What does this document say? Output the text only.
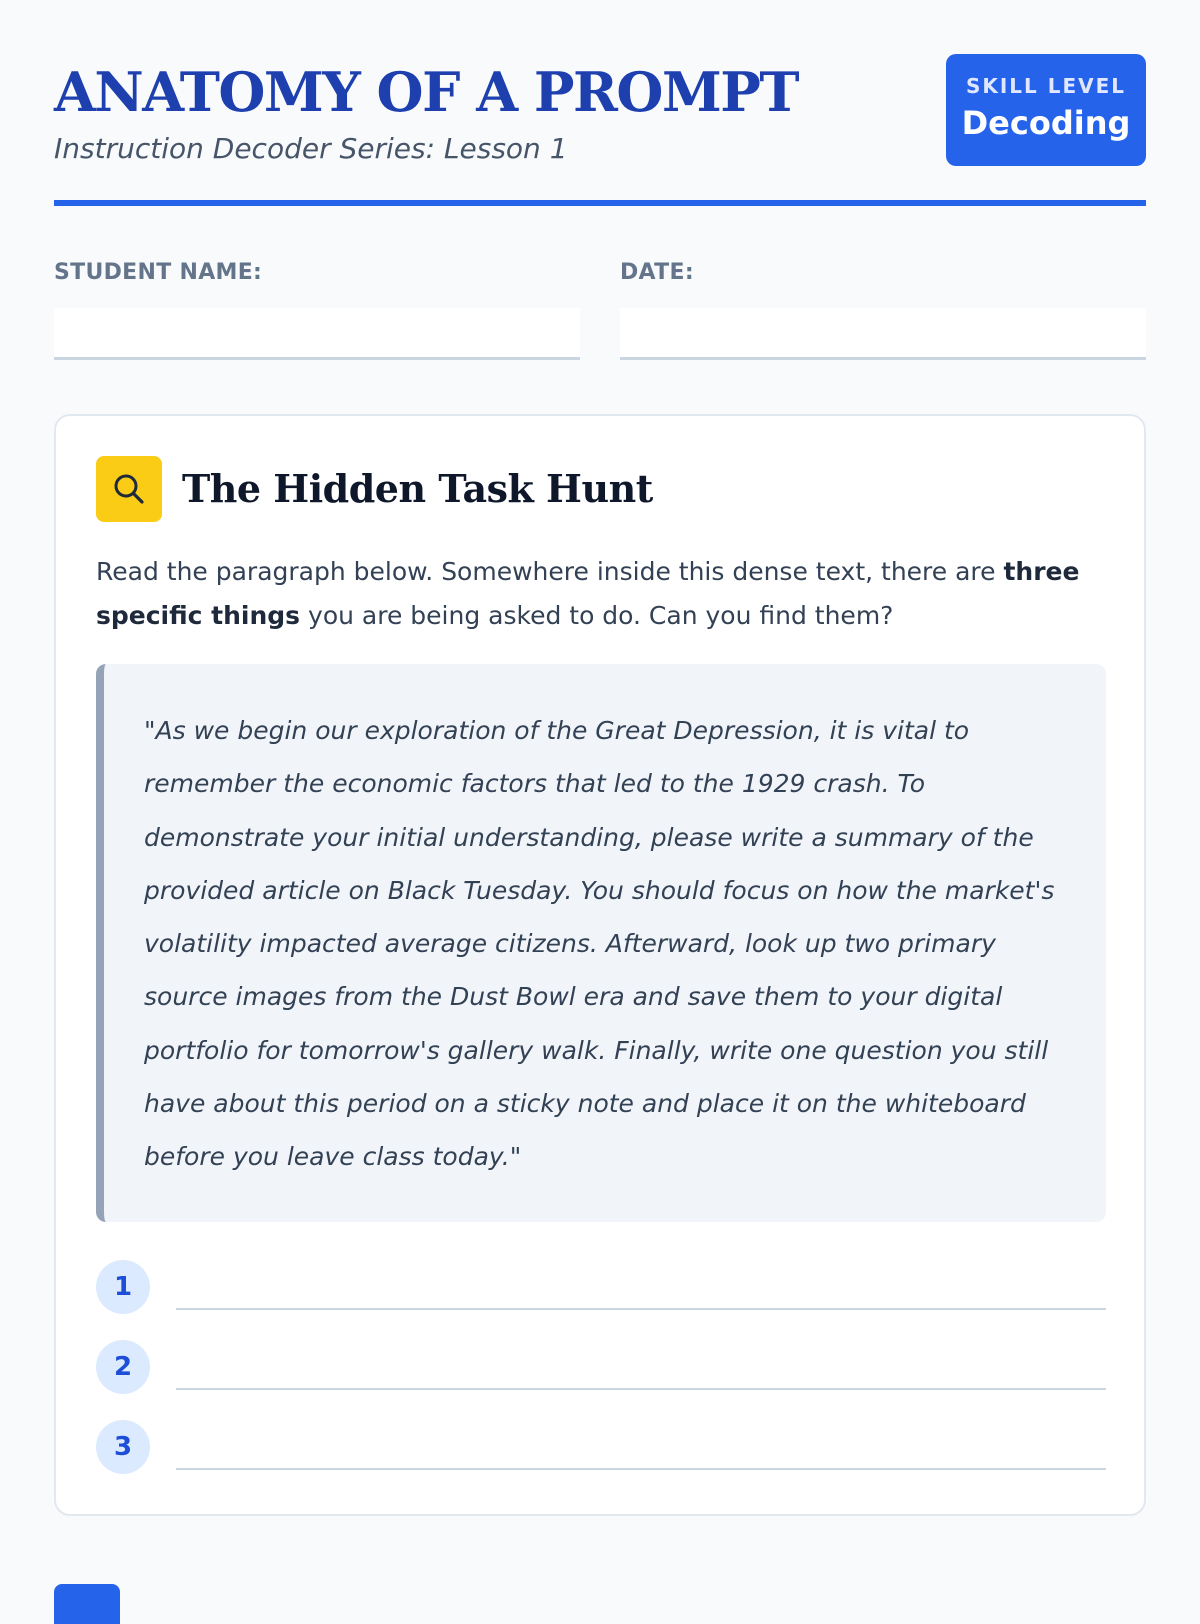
ANATOMY OF A PROMPT	SKILL LEVEL
Decoding

Instruction Decoder Series: Lesson 1

STUDENT NAME:	DATE:
The Hidden Task Hunt

Read the paragraph below. Somewhere inside this dense text, there are three specific things you are being asked to do. Can you find them?

"As we begin our exploration of the Great Depression, it is vital to remember the economic factors that led to the 1929 crash. To demonstrate your initial understanding, please write a summary of the provided article on Black Tuesday. You should focus on how the market's volatility impacted average citizens. Afterward, look up two primary source images from the Dust Bowl era and save them to your digital portfolio for tomorrow's gallery walk. Finally, write one question you still have about this period on a sticky note and place it on the whiteboard before you leave class today."

1
2
3
